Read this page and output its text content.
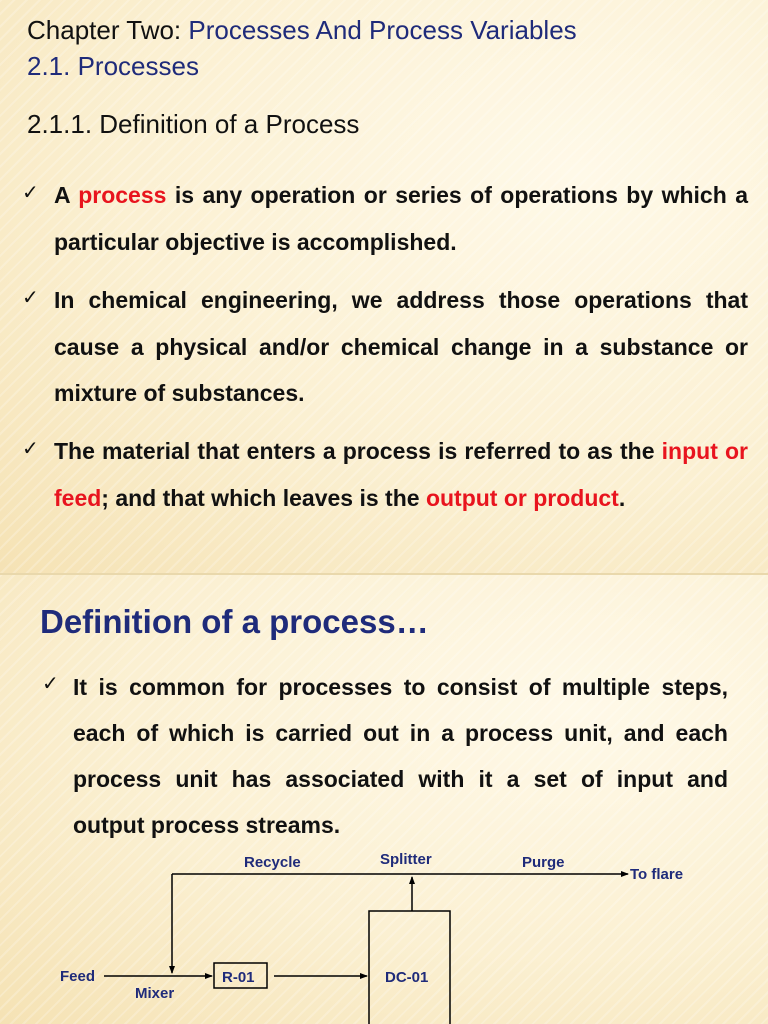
Chapter Two: Processes And Process Variables
2.1. Processes
2.1.1. Definition of a Process
✓ A process is any operation or series of operations by which a particular objective is accomplished.
✓ In chemical engineering, we address those operations that cause a physical and/or chemical change in a substance or mixture of substances.
✓ The material that enters a process is referred to as the input or feed; and that which leaves is the output or product.
Definition of a process…
✓ It is common for processes to consist of multiple steps, each of which is carried out in a process unit, and each process unit has associated with it a set of input and output process streams.
Recycle	Splitter	Purge
To flare
Feed
Mixer
R-01	DC-01
